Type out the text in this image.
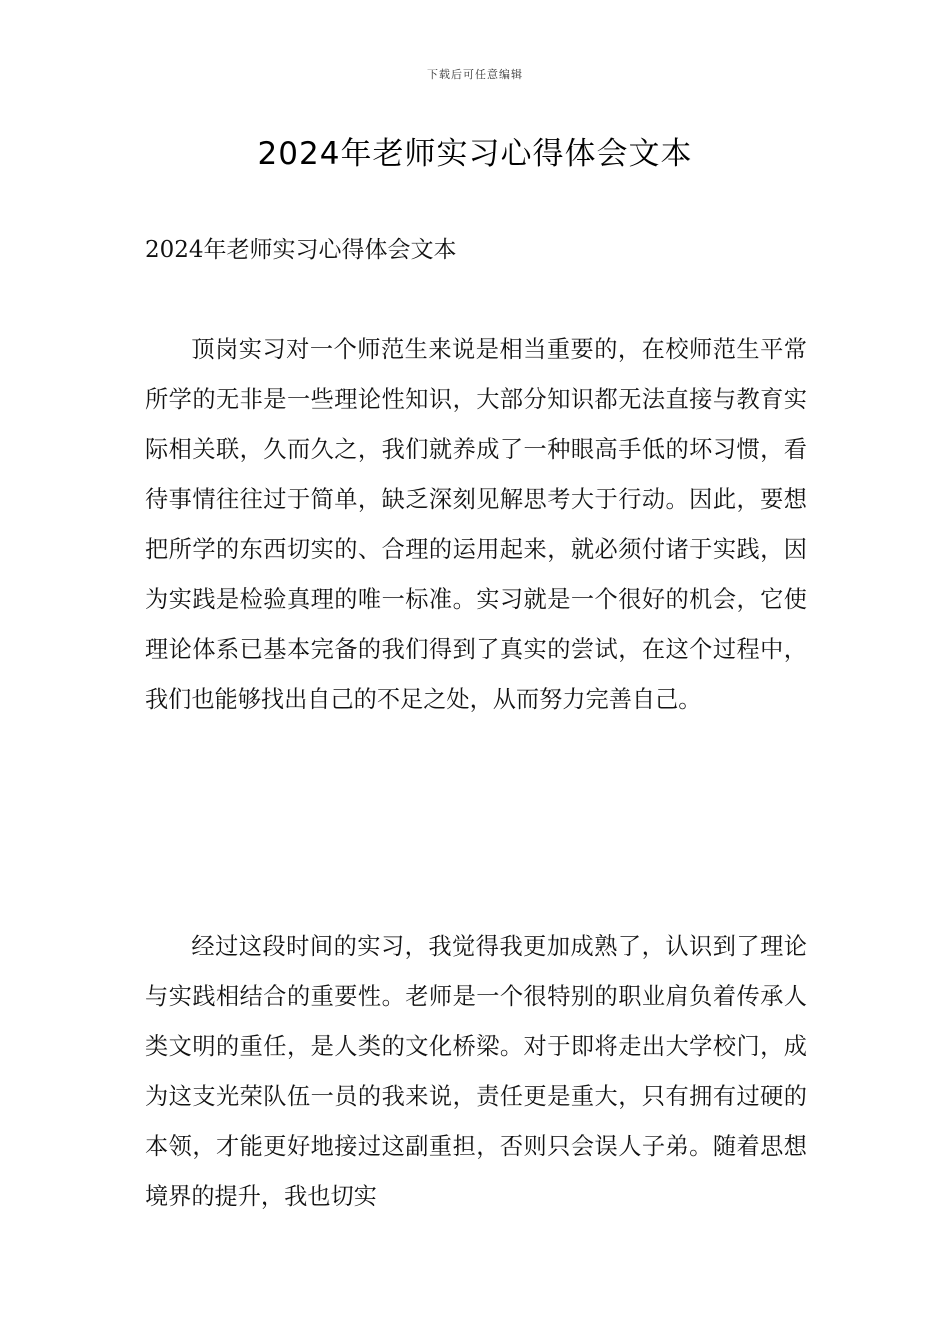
下载后可任意编辑
2024年老师实习心得体会文本
2024年老师实习心得体会文本

顶岗实习对一个师范生来说是相当重要的，在校师范生平常所学的无非是一些理论性知识，大部分知识都无法直接与教育实际相关联，久而久之，我们就养成了一种眼高手低的坏习惯，看待事情往往过于简单，缺乏深刻见解思考大于行动。因此，要想把所学的东西切实的、合理的运用起来，就必须付诸于实践，因为实践是检验真理的唯一标准。实习就是一个很好的机会，它使理论体系已基本完备的我们得到了真实的尝试，在这个过程中，我们也能够找出自己的不足之处，从而努力完善自己。

经过这段时间的实习，我觉得我更加成熟了，认识到了理论与实践相结合的重要性。老师是一个很特别的职业肩负着传承人类文明的重任，是人类的文化桥梁。对于即将走出大学校门，成为这支光荣队伍一员的我来说，责任更是重大，只有拥有过硬的本领，才能更好地接过这副重担，否则只会误人子弟。随着思想境界的提升，我也切实
